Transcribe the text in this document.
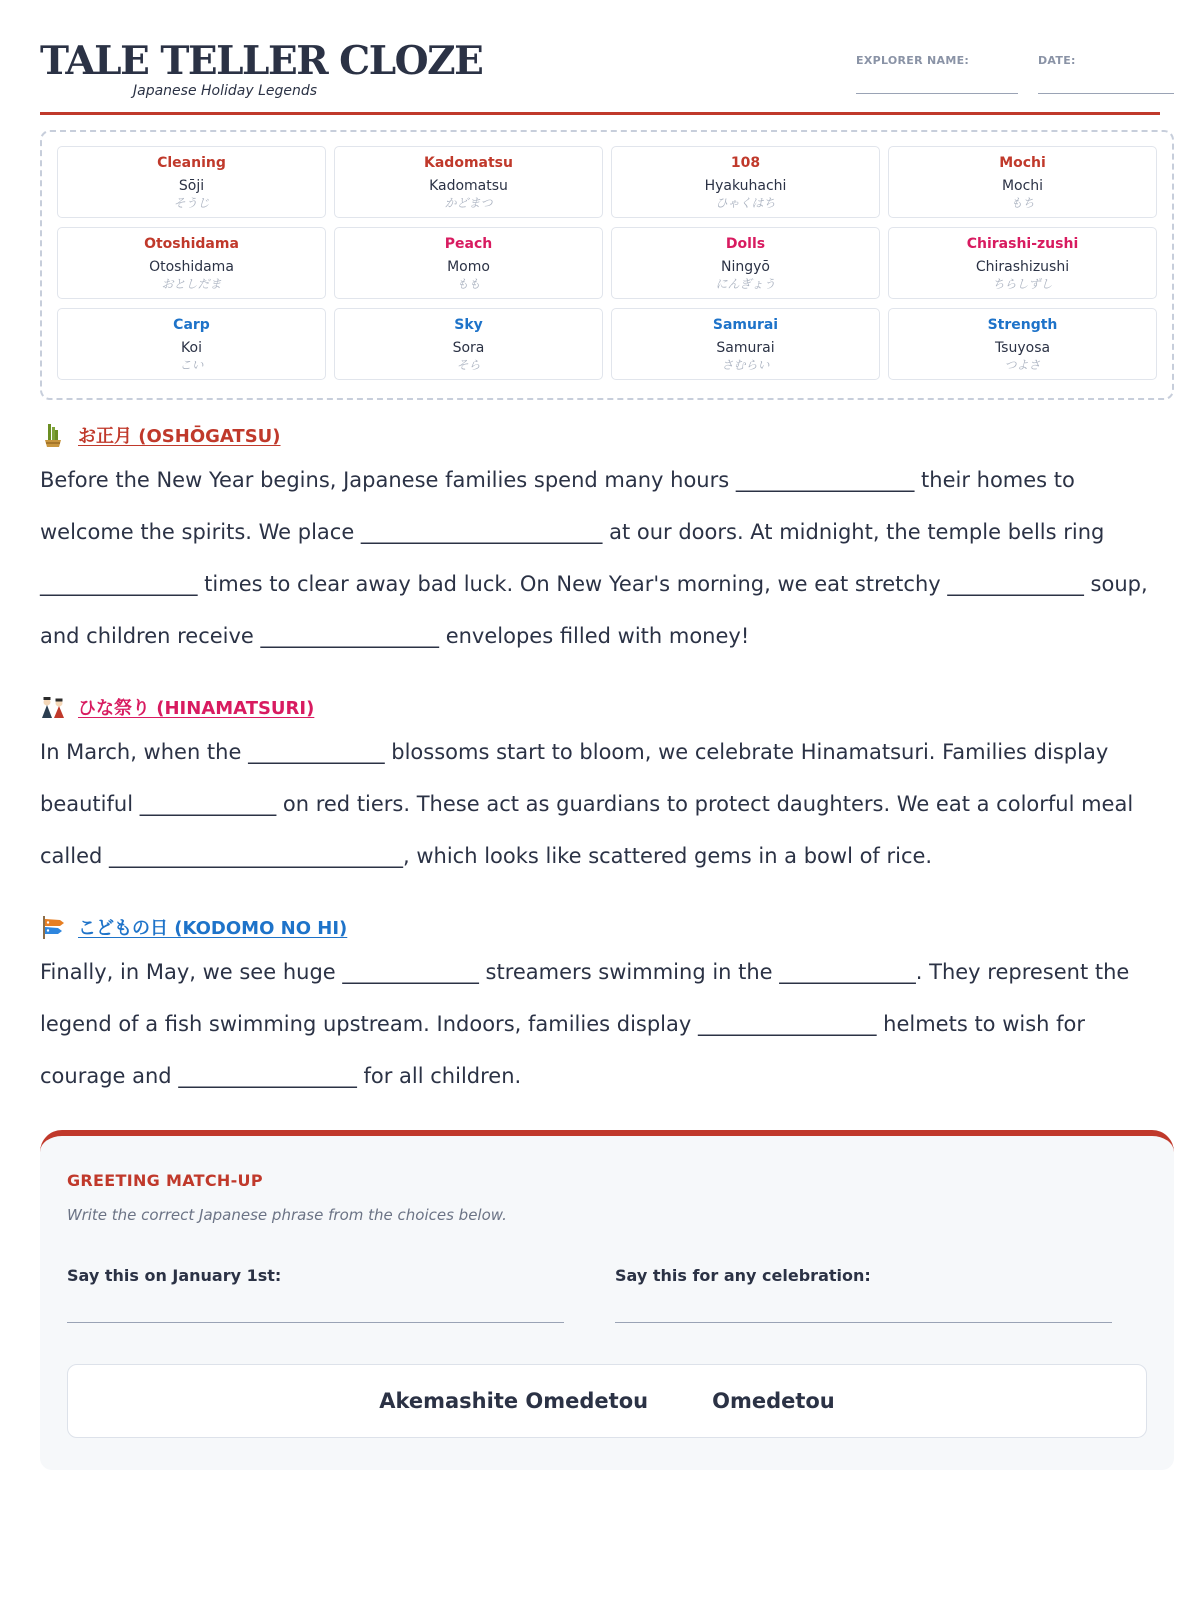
TALE TELLER CLOZE
Japanese Holiday Legends
EXPLORER NAME:	DATE:
Cleaning
Sōji
そうじ
Kadomatsu
Kadomatsu
かどまつ
108
Hyakuhachi
ひゃくはち
Mochi
Mochi
もち
Otoshidama
Otoshidama
おとしだま
Peach
Momo
もも
Dolls
Ningyō
にんぎょう
Chirashi-zushi
Chirashizushi
ちらしずし
Carp
Koi
こい
Sky
Sora
そら
Samurai
Samurai
さむらい
Strength
Tsuyosa
つよさ
お正月 (OSHŌGATSU)

Before the New Year begins, Japanese families spend many hours _________________ their homes to welcome the spirits. We place _______________________ at our doors. At midnight, the temple bells ring _______________ times to clear away bad luck. On New Year's morning, we eat stretchy _____________ soup, and children receive _________________ envelopes filled with money!

ひな祭り (HINAMATSURI)

In March, when the _____________ blossoms start to bloom, we celebrate Hinamatsuri. Families display beautiful _____________ on red tiers. These act as guardians to protect daughters. We eat a colorful meal called ____________________________, which looks like scattered gems in a bowl of rice.

こどもの日 (KODOMO NO HI)

Finally, in May, we see huge _____________ streamers swimming in the _____________. They represent the legend of a fish swimming upstream. Indoors, families display _________________ helmets to wish for courage and _________________ for all children.

GREETING MATCH-UP
Write the correct Japanese phrase from the choices below.
Say this on January 1st:	Say this for any celebration:
Akemashite Omedetou	Omedetou
